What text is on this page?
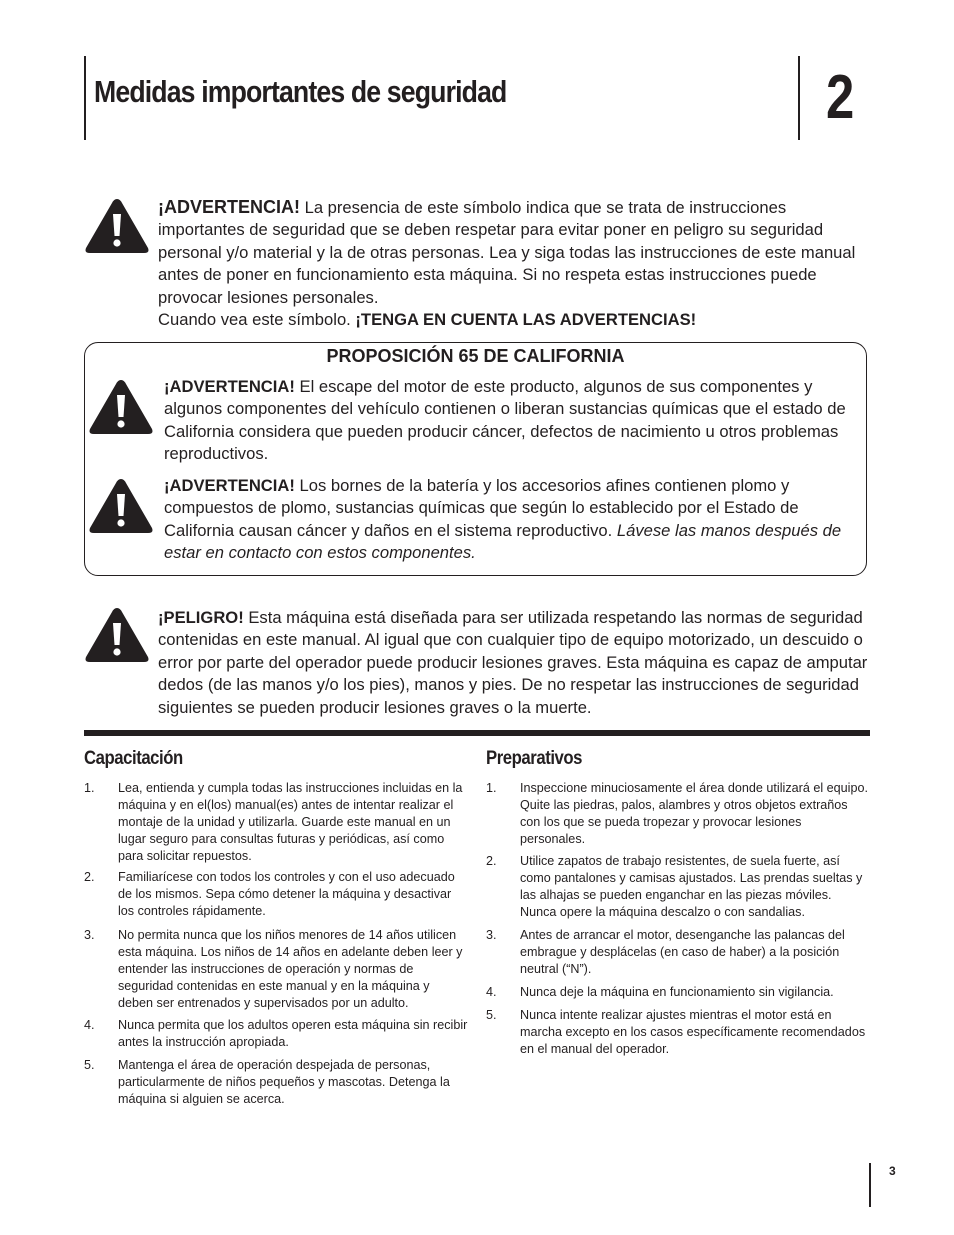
Medidas importantes de seguridad	2
¡ADVERTENCIA! La presencia de este símbolo indica que se trata de instrucciones importantes de seguridad que se deben respetar para evitar poner en peligro su seguridad personal y/o material y la de otras personas. Lea y siga todas las instrucciones de este manual antes de poner en funcionamiento esta máquina. Si no respeta estas instrucciones puede provocar lesiones personales.
Cuando vea este símbolo. ¡TENGA EN CUENTA LAS ADVERTENCIAS!
PROPOSICIÓN 65 DE CALIFORNIA
¡ADVERTENCIA! El escape del motor de este producto, algunos de sus componentes y algunos componentes del vehículo contienen o liberan sustancias químicas que el estado de California considera que pueden producir cáncer, defectos de nacimiento u otros problemas reproductivos.
¡ADVERTENCIA! Los bornes de la batería y los accesorios afines contienen plomo y compuestos de plomo, sustancias químicas que según lo establecido por el Estado de California causan cáncer y daños en el sistema reproductivo. Lávese las manos después de estar en contacto con estos componentes.
¡PELIGRO! Esta máquina está diseñada para ser utilizada respetando las normas de seguridad contenidas en este manual. Al igual que con cualquier tipo de equipo motorizado, un descuido o error por parte del operador puede producir lesiones graves. Esta máquina es capaz de amputar dedos (de las manos y/o los pies), manos y pies. De no respetar las instrucciones de seguridad siguientes se pueden producir lesiones graves o la muerte.
Capacitación
1. Lea, entienda y cumpla todas las instrucciones incluidas en la máquina y en el(los) manual(es) antes de intentar realizar el montaje de la unidad y utilizarla. Guarde este manual en un lugar seguro para consultas futuras y periódicas, así como para solicitar repuestos.
2. Familiarícese con todos los controles y con el uso adecuado de los mismos. Sepa cómo detener la máquina y desactivar los controles rápidamente.
3. No permita nunca que los niños menores de 14 años utilicen esta máquina. Los niños de 14 años en adelante deben leer y entender las instrucciones de operación y normas de seguridad contenidas en este manual y en la máquina y deben ser entrenados y supervisados por un adulto.
4. Nunca permita que los adultos operen esta máquina sin recibir antes la instrucción apropiada.
5. Mantenga el área de operación despejada de personas, particularmente de niños pequeños y mascotas. Detenga la máquina si alguien se acerca.
Preparativos
1. Inspeccione minuciosamente el área donde utilizará el equipo. Quite las piedras, palos, alambres y otros objetos extraños con los que se pueda tropezar y provocar lesiones personales.
2. Utilice zapatos de trabajo resistentes, de suela fuerte, así como pantalones y camisas ajustados. Las prendas sueltas y las alhajas se pueden enganchar en las piezas móviles. Nunca opere la máquina descalzo o con sandalias.
3. Antes de arrancar el motor, desenganche las palancas del embrague y desplácelas (en caso de haber) a la posición neutral (“N”).
4. Nunca deje la máquina en funcionamiento sin vigilancia.
5. Nunca intente realizar ajustes mientras el motor está en marcha excepto en los casos específicamente recomendados en el manual del operador.
3
